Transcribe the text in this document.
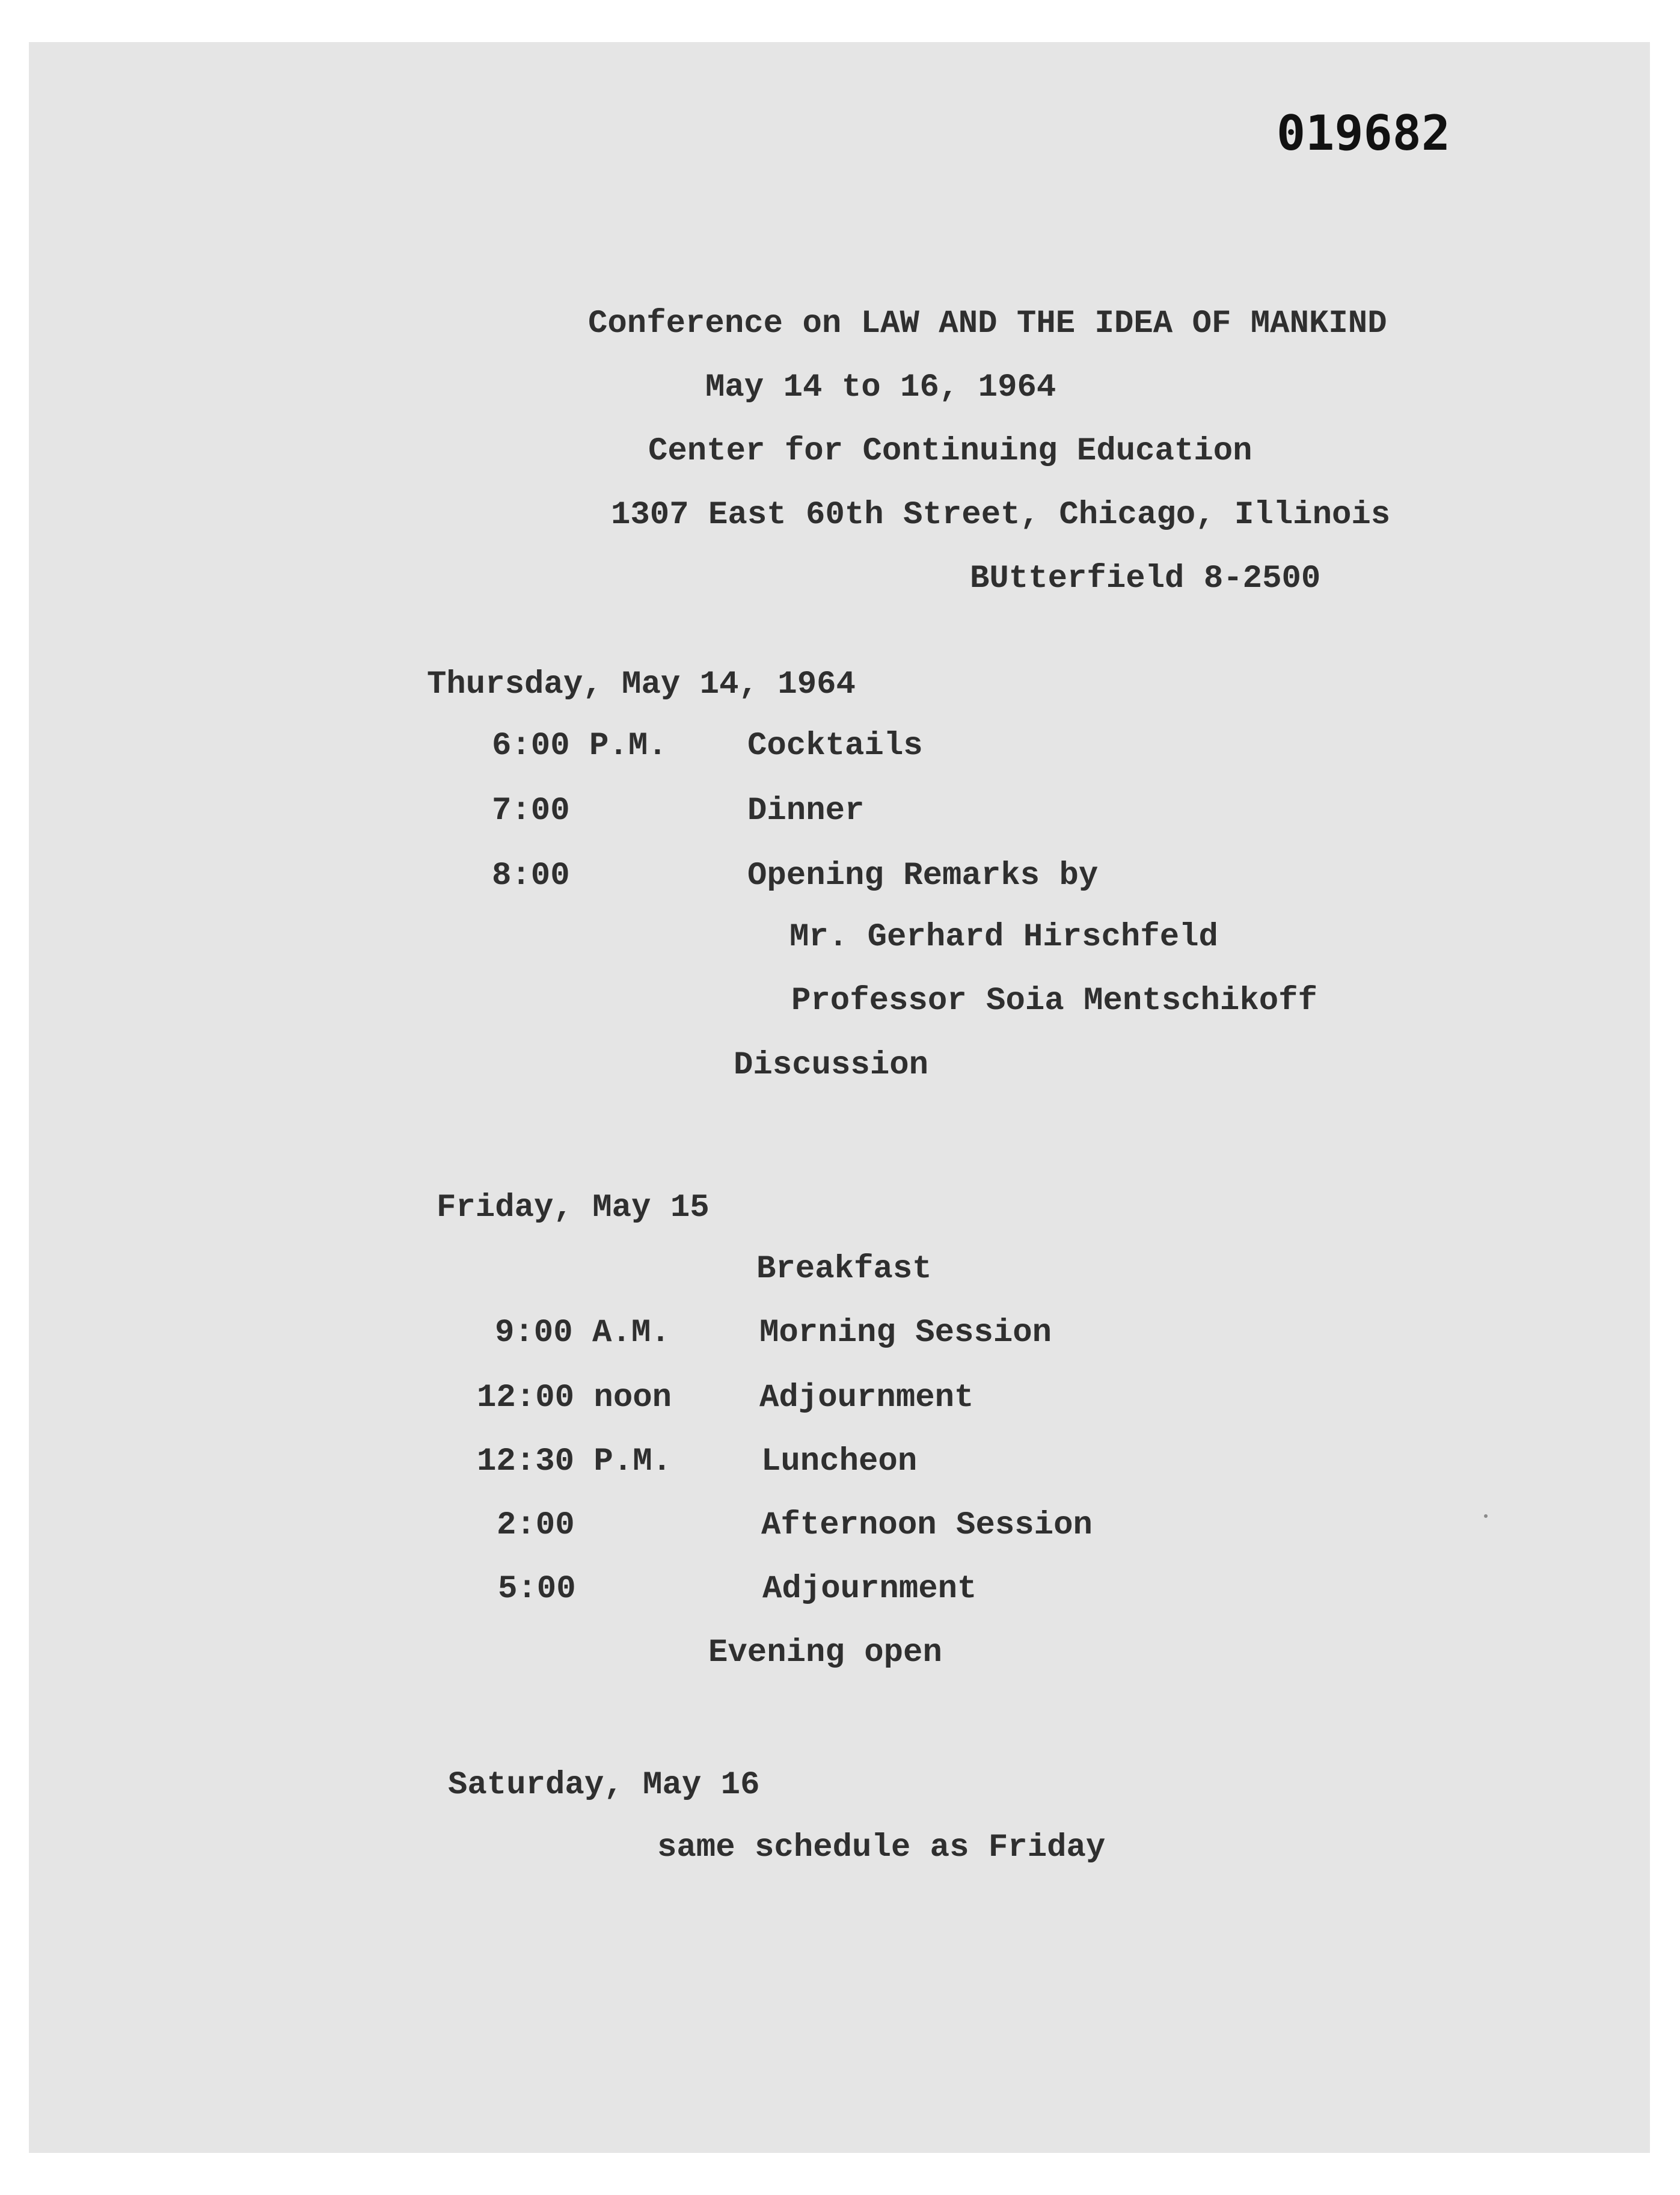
019682
Conference on LAW AND THE IDEA OF MANKIND
May 14 to 16, 1964
Center for Continuing Education
1307 East 60th Street, Chicago, Illinois
BUtterfield 8-2500
Thursday, May 14, 1964
6:00 P.M.	Cocktails
7:00	Dinner
8:00	Opening Remarks by
Mr. Gerhard Hirschfeld
Professor Soia Mentschikoff
Discussion
Friday, May 15
Breakfast
9:00 A.M.	Morning Session
12:00 noon	Adjournment
12:30 P.M.	Luncheon
2:00	Afternoon Session
5:00	Adjournment
Evening open
Saturday, May 16
same schedule as Friday
